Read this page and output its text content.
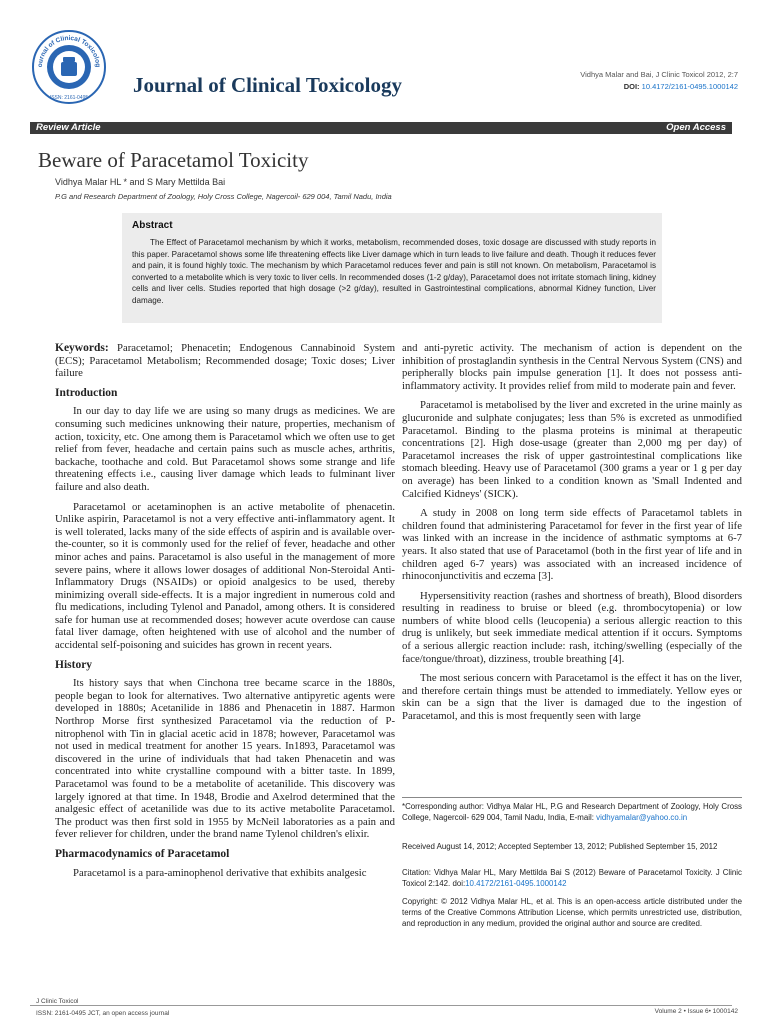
ournal of Clinical Toxicolog
ISSN: 2161-0495
Journal of Clinical Toxicology	Vidhya Malar and Bai, J Clinic Toxicol 2012, 2:7
DOI: 10.4172/2161-0495.1000142
Review Article	Open Access
Beware of Paracetamol Toxicity
Vidhya Malar HL * and S Mary Mettilda Bai
P.G and Research Department of Zoology, Holy Cross College, Nagercoil- 629 004, Tamil Nadu, India
Abstract

The Effect of Paracetamol mechanism by which it works, metabolism, recommended doses, toxic dosage are discussed with study reports in this paper. Paracetamol shows some life threatening effects like Liver damage which in turn leads to live failure and death. Though it reduces fever and pain, it is found highly toxic. The mechanism by which Paracetamol reduces fever and pain is still not known. On metabolism, Paracetamol is converted to a metabolite which is very toxic to liver cells. In recommended doses (1-2 g/day), Paracetamol does not irritate stomach lining, kidney cells and liver cells. Studies reported that high dosage (>2 g/day), resulted in Gastrointestinal complications, abnormal Kidney function, Liver damage.

Keywords: Paracetamol; Phenacetin; Endogenous Cannabinoid System (ECS); Paracetamol Metabolism; Recommended dosage; Toxic doses; Liver failure

Introduction

In our day to day life we are using so many drugs as medicines. We are consuming such medicines unknowing their nature, properties, mechanism of action, toxicity, etc. One among them is Paracetamol which we often use to get relief from fever, headache and certain pains such as muscle aches, arthritis, backache, toothache and cold. But Paracetamol shows some strange and life threatening effects i.e., causing liver damage which leads to fulminant liver failure and also death.

Paracetamol or acetaminophen is an active metabolite of phenacetin. Unlike aspirin, Paracetamol is not a very effective anti-inflammatory agent. It is well tolerated, lacks many of the side effects of aspirin and is available over-the-counter, so it is commonly used for the relief of fever, headache and other minor aches and pains. Paracetamol is also useful in the management of more severe pains, where it allows lower dosages of additional Non-Steroidal Anti-Inflammatory Drugs (NSAIDs) or opioid analgesics to be used, thereby minimizing overall side-effects. It is a major ingredient in numerous cold and flu medications, including Tylenol and Panadol, among others. It is considered safe for human use at recommended doses; however acute overdose can cause fatal liver damage, often heightened with use of alcohol and the number of accidental self-poisoning and suicides has grown in recent years.

History

Its history says that when Cinchona tree became scarce in the 1880s, people began to look for alternatives. Two alternative antipyretic agents were developed in 1880s; Acetanilide in 1886 and Phenacetin in 1887. Harmon Northrop Morse first synthesized Paracetamol via the reduction of P-nitrophenol with Tin in glacial acetic acid in 1878; however, Paracetamol was not used in medical treatment for another 15 years. In1893, Paracetamol was discovered in the urine of individuals that had taken Phenacetin and was concentrated into white crystalline compound with a bitter taste. In 1899, Paracetamol was found to be a metabolite of acetanilide. This discovery was largely ignored at that time. In 1948, Brodie and Axelrod determined that the analgesic effect of acetanilide was due to its active metabolite Paracetamol. The product was then first sold in 1955 by McNeil laboratories as a pain and fever reliever for children, under the brand name Tylenol children's elixir.

Pharmacodynamics of Paracetamol

Paracetamol is a para-aminophenol derivative that exhibits analgesic

and anti-pyretic activity. The mechanism of action is dependent on the inhibition of prostaglandin synthesis in the Central Nervous System (CNS) and peripherally blocks pain impulse generation [1]. It does not possess anti-inflammatory activity. It provides relief from mild to moderate pain and fever.

Paracetamol is metabolised by the liver and excreted in the urine mainly as glucuronide and sulphate conjugates; less than 5% is excreted as unmodified Paracetamol. Binding to the plasma proteins is minimal at therapeutic concentrations [2]. High dose-usage (greater than 2,000 mg per day) of Paracetamol increases the risk of upper gastrointestinal complications like stomach bleeding. Heavy use of Paracetamol (300 grams a year or 1 g per day on average) has been linked to a condition known as 'Small Indented and Calcified Kidneys' (SICK).

A study in 2008 on long term side effects of Paracetamol tablets in children found that administering Paracetamol for fever in the first year of life was linked with an increase in the incidence of asthmatic symptoms at 6-7 years. It also stated that use of Paracetamol (both in the first year of life and in children aged 6-7 years) was associated with an increased incidence of rhinoconjunctivitis and eczema [3].

Hypersensitivity reaction (rashes and shortness of breath), Blood disorders resulting in readiness to bruise or bleed (e.g. thrombocytopenia) or low numbers of white blood cells (leucopenia) a serious allergic reaction to this drug is unlikely, but seek immediate medical attention if it occurs. Symptoms of a serious allergic reaction include: rash, itching/swelling (especially of the face/tongue/throat), dizziness, trouble breathing [4].

The most serious concern with Paracetamol is the effect it has on the liver, and therefore certain things must be attended to immediately. Yellow eyes or skin can be a sign that the liver is damaged due to the ingestion of Paracetamol, and this is most frequently seen with large

*Corresponding author: Vidhya Malar HL, P.G and Research Department of Zoology, Holy Cross College, Nagercoil- 629 004, Tamil Nadu, India, E-mail: vidhyamalar@yahoo.co.in
Received August 14, 2012; Accepted September 13, 2012; Published September 15, 2012
Citation: Vidhya Malar HL, Mary Mettilda Bai S (2012) Beware of Paracetamol Toxicity. J Clinic Toxicol 2:142. doi:10.4172/2161-0495.1000142
Copyright: © 2012 Vidhya Malar HL, et al. This is an open-access article distributed under the terms of the Creative Commons Attribution License, which permits unrestricted use, distribution, and reproduction in any medium, provided the original author and source are credited.
J Clinic Toxicol
ISSN: 2161-0495 JCT, an open access journal	Volume 2 • Issue 6• 1000142
